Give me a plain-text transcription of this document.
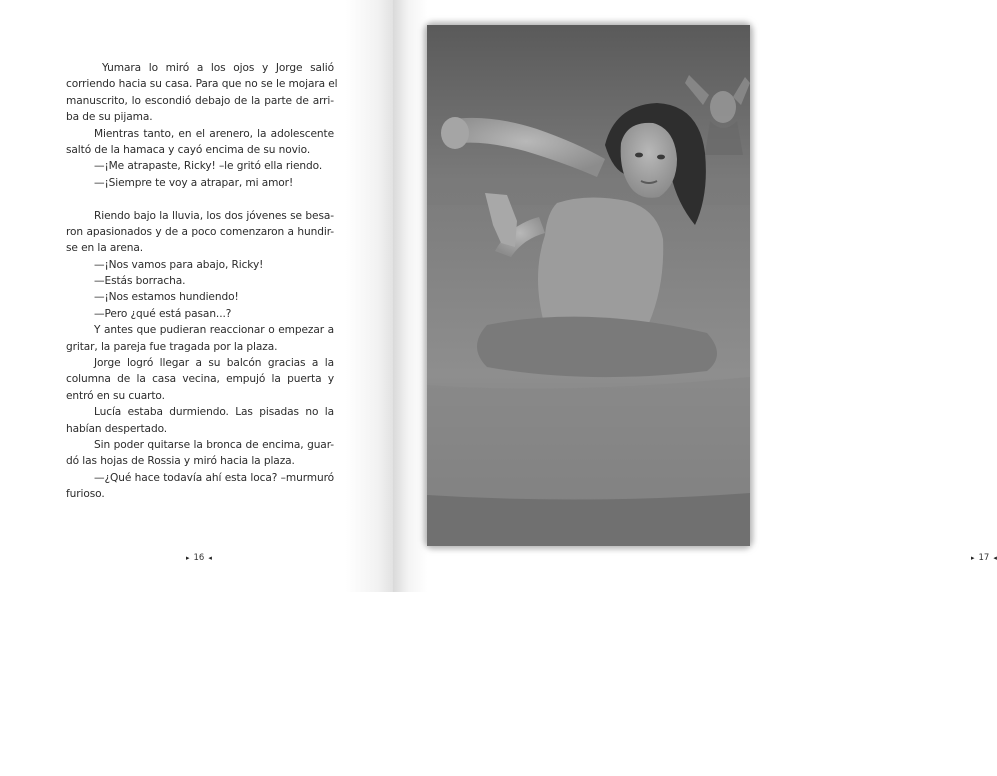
Yumara lo miró a los ojos y Jorge salió
corriendo hacia su casa. Para que no se le mojara el
manuscrito, lo escondió debajo de la parte de arri-
ba de su pijama.
Mientras tanto, en el arenero, la adolescente
saltó de la hamaca y cayó encima de su novio.
—¡Me atrapaste, Ricky! –le gritó ella riendo.
—¡Siempre te voy a atrapar, mi amor!
Riendo bajo la lluvia, los dos jóvenes se besa-
ron apasionados y de a poco comenzaron a hundir-
se en la arena.
—¡Nos vamos para abajo, Ricky!
—Estás borracha.
—¡Nos estamos hundiendo!
—Pero ¿qué está pasan...?
Y antes que pudieran reaccionar o empezar a
gritar, la pareja fue tragada por la plaza.
Jorge logró llegar a su balcón gracias a la
columna de la casa vecina, empujó la puerta y
entró en su cuarto.
Lucía estaba durmiendo. Las pisadas no la
habían despertado.
Sin poder quitarse la bronca de encima, guar-
dó las hojas de Rossia y miró hacia la plaza.
—¿Qué hace todavía ahí esta loca? –murmuró
furioso.
▸ 16 ◂	▸ 17 ◂
